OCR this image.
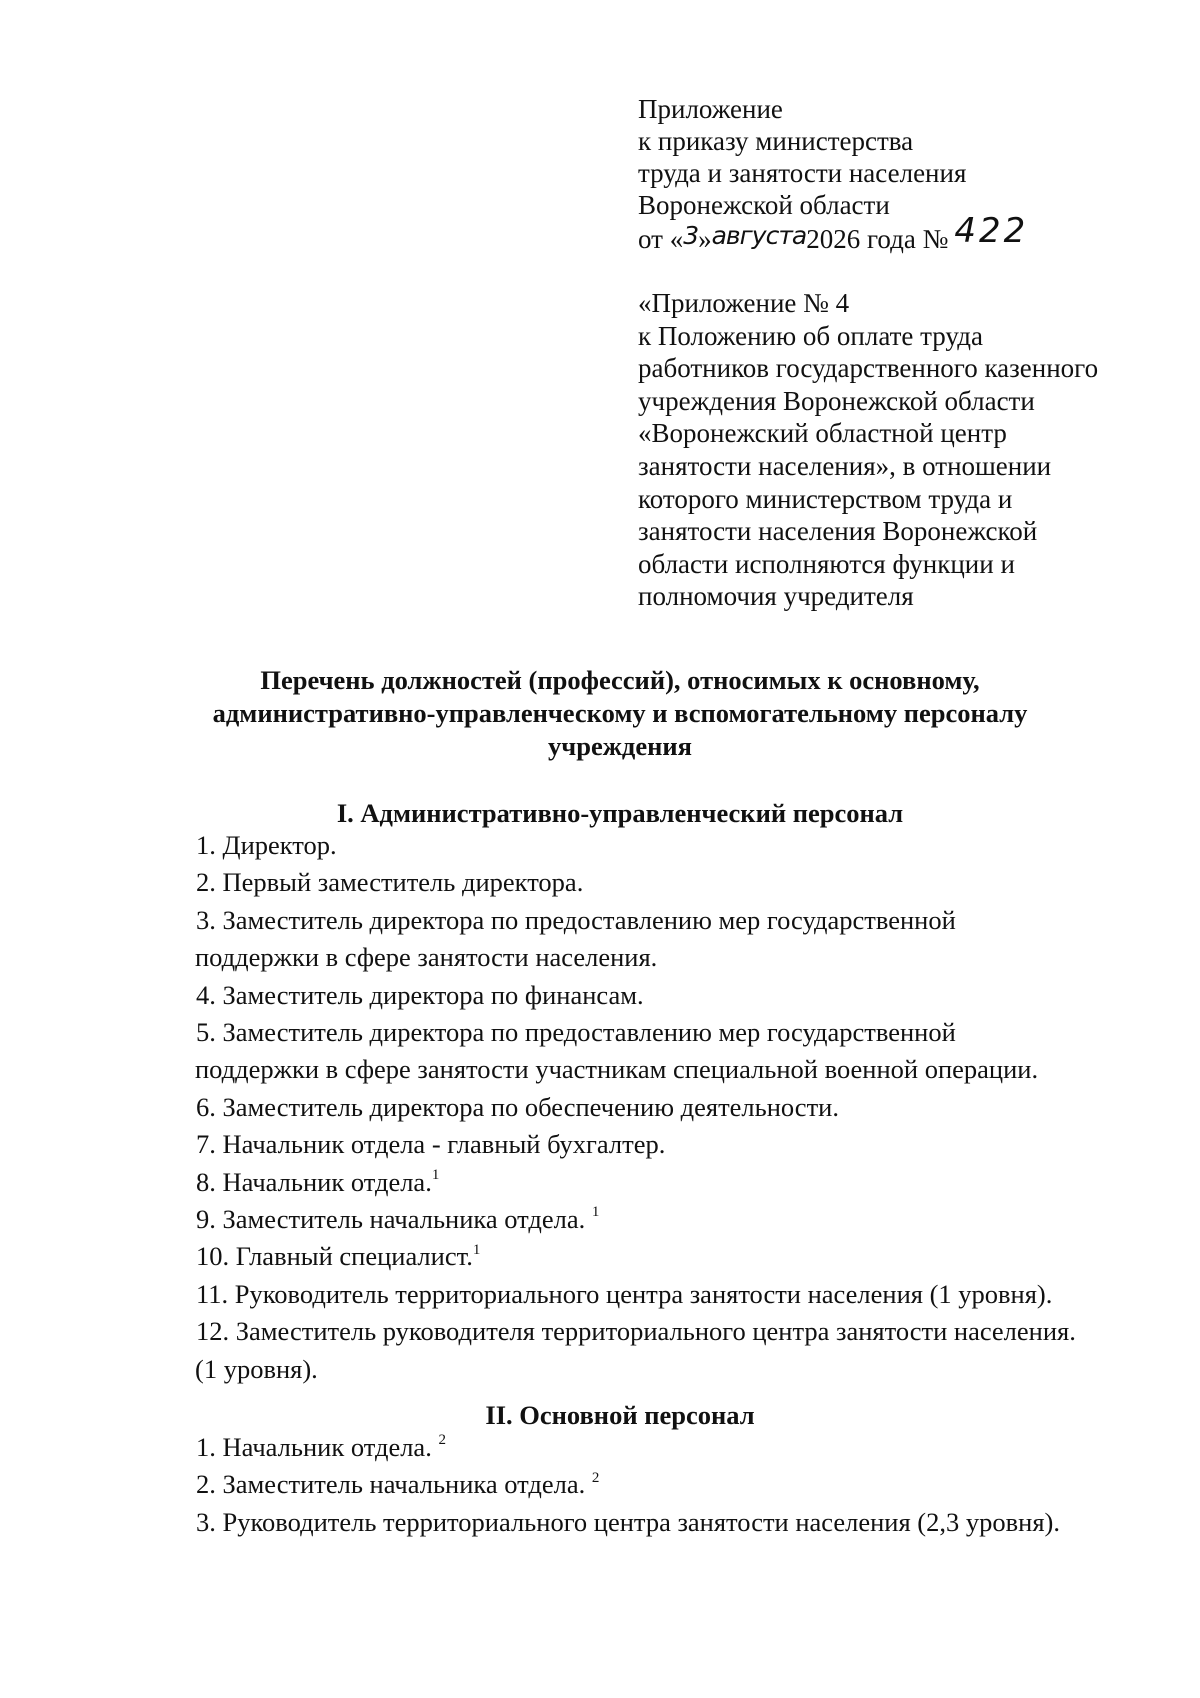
Приложение
к приказу министерства
труда и занятости населения
Воронежской области
от «3»августа2026 года № 422
«Приложение № 4
к Положению об оплате труда
работников государственного казенного
учреждения Воронежской области
«Воронежский областной центр
занятости населения», в отношении
которого министерством труда и
занятости населения Воронежской
области исполняются функции и
полномочия учредителя
Перечень должностей (профессий), относимых к основному,
административно-управленческому и вспомогательному персоналу
учреждения
I. Административно-управленческий персонал
1. Директор.
2. Первый заместитель директора.
3. Заместитель директора по предоставлению мер государственной
поддержки в сфере занятости населения.
4. Заместитель директора по финансам.
5. Заместитель директора по предоставлению мер государственной
поддержки в сфере занятости участникам специальной военной операции.
6. Заместитель директора по обеспечению деятельности.
7. Начальник отдела - главный бухгалтер.
8. Начальник отдела.$^1$
9. Заместитель начальника отдела. $^1$
10. Главный специалист.$^1$
11. Руководитель территориального центра занятости населения (1 уровня).
12. Заместитель руководителя территориального центра занятости населения.
(1 уровня).
II. Основной персонал
1. Начальник отдела. $^2$
2. Заместитель начальника отдела. $^2$
3. Руководитель территориального центра занятости населения (2,3 уровня).
